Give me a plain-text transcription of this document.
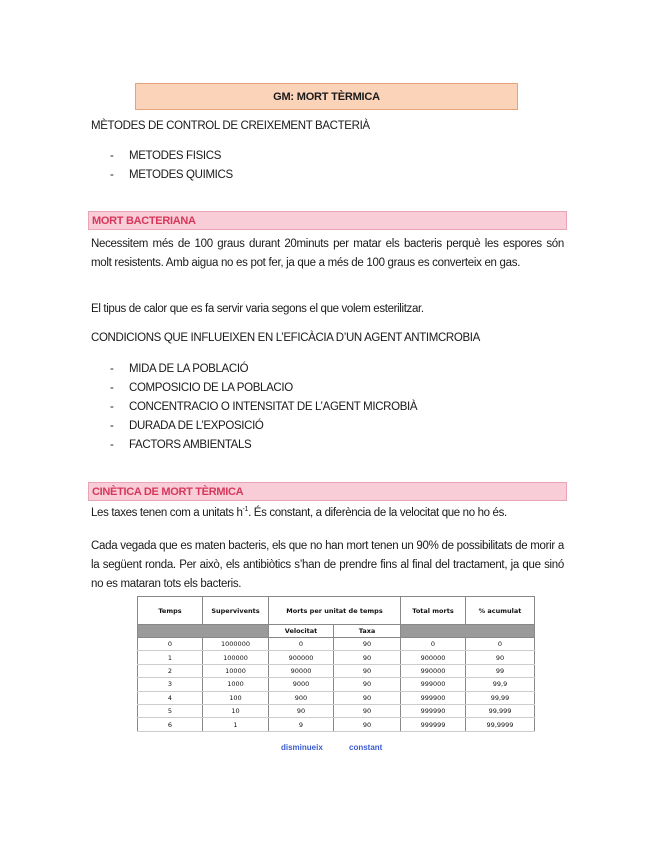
GM: MORT TÈRMICA
MÈTODES DE CONTROL DE CREIXEMENT BACTERIÀ
- METODES FISICS
- METODES QUIMICS
MORT BACTERIANA
Necessitem més de 100 graus durant 20minuts per matar els bacteris perquè les espores són molt resistents. Amb aigua no es pot fer, ja que a més de 100 graus es converteix en gas.
El tipus de calor que es fa servir varia segons el que volem esterilitzar.
CONDICIONS QUE INFLUEIXEN EN L’EFICÀCIA D’UN AGENT ANTIMCROBIA
- MIDA DE LA POBLACIÓ
- COMPOSICIO DE LA POBLACIO
- CONCENTRACIO O INTENSITAT DE L’AGENT MICROBIÀ
- DURADA DE L’EXPOSICIÓ
- FACTORS AMBIENTALS
CINÈTICA DE MORT TÈRMICA
Les taxes tenen com a unitats $h^{-1}$. És constant, a diferència de la velocitat que no ho és.
Cada vegada que es maten bacteris, els que no han mort tenen un 90% de possibilitats de morir a la següent ronda. Per això, els antibiòtics s’han de prendre fins al final del tractament, ja que sinó no es mataran tots els bacteris.
Temps	Supervivents	Morts per unitat de temps		Total morts	% acumulat
		Velocitat	Taxa		
0	1000000	0	90	0	0
1	100000	900000	90	900000	90
2	10000	90000	90	990000	99
3	1000	9000	90	999000	99,9
4	100	900	90	999900	99,99
5	10	90	90	999990	99,999
6	1	9	90	999999	99,9999
disminueix	constant
